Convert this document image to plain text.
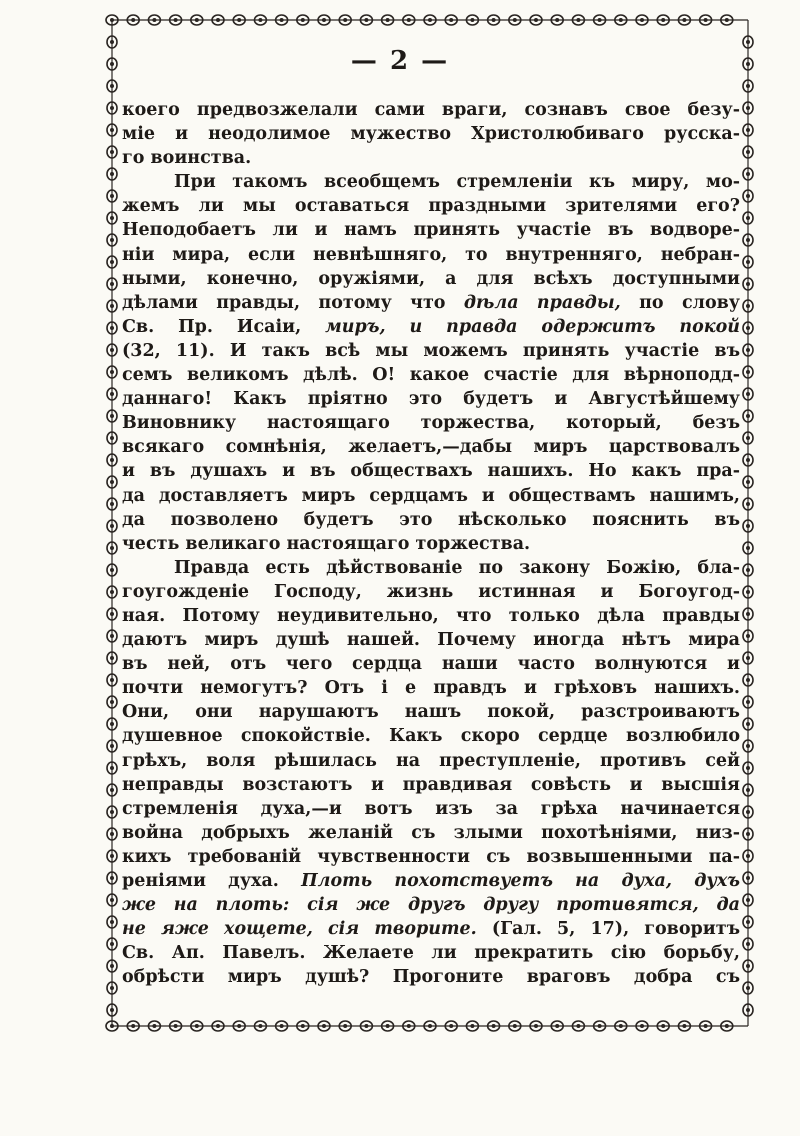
— 2 —
коего предвозжелали сами враги, сознавъ свое безу-
міе и неодолимое мужество Христолюбиваго русска-
го воинства.
При такомъ всеобщемъ стремленіи къ миру, мо-
жемъ ли мы оставаться праздными зрителями его?
Неподобаетъ ли и намъ принять участіе въ водворе-
ніи мира, если невнѣшняго, то внутренняго, небран-
ными, конечно, оружіями, а для всѣхъ доступными
дѣлами правды, потому что дѣла правды, по слову
Св. Пр. Исаіи, миръ, и правда одержитъ покой
(32, 11). И такъ всѣ мы можемъ принять участіе въ
семъ великомъ дѣлѣ. О! какое счастіе для вѣрноподд-
даннаго! Какъ пріятно это будетъ и Августѣйшему
Виновнику настоящаго торжества, который, безъ
всякаго сомнѣнія, желаетъ,—дабы миръ царствовалъ
и въ душахъ и въ обществахъ нашихъ. Но какъ пра-
да доставляетъ миръ сердцамъ и обществамъ нашимъ,
да позволено будетъ это нѣсколько пояснить въ
честь великаго настоящаго торжества.
Правда есть дѣйствованіе по закону Божію, бла-
гоугожденіе Господу, жизнь истинная и Богоугод-
ная. Потому неудивительно, что только дѣла правды
даютъ миръ душѣ нашей. Почему иногда нѣтъ мира
въ ней, отъ чего сердца наши часто волнуются и
почти немогутъ? Отъ і е правдъ и грѣховъ нашихъ.
Они, они нарушаютъ нашъ покой, разстроиваютъ
душевное спокойствіе. Какъ скоро сердце возлюбило
грѣхъ, воля рѣшилась на преступленіе, противъ сей
неправды возстаютъ и правдивая совѣсть и высшія
стремленія духа,—и вотъ изъ за грѣха начинается
война добрыхъ желаній съ злыми похотѣніями, низ-
кихъ требованій чувственности съ возвышенными па-
реніями духа. Плоть похотствуетъ на духа, духъ
же на плоть: сія же другъ другу противятся, да
не яже хощете, сія творите. (Гал. 5, 17), говоритъ
Св. Ап. Павелъ. Желаете ли прекратить сію борьбу,
обрѣсти миръ душѣ? Прогоните враговъ добра съ
